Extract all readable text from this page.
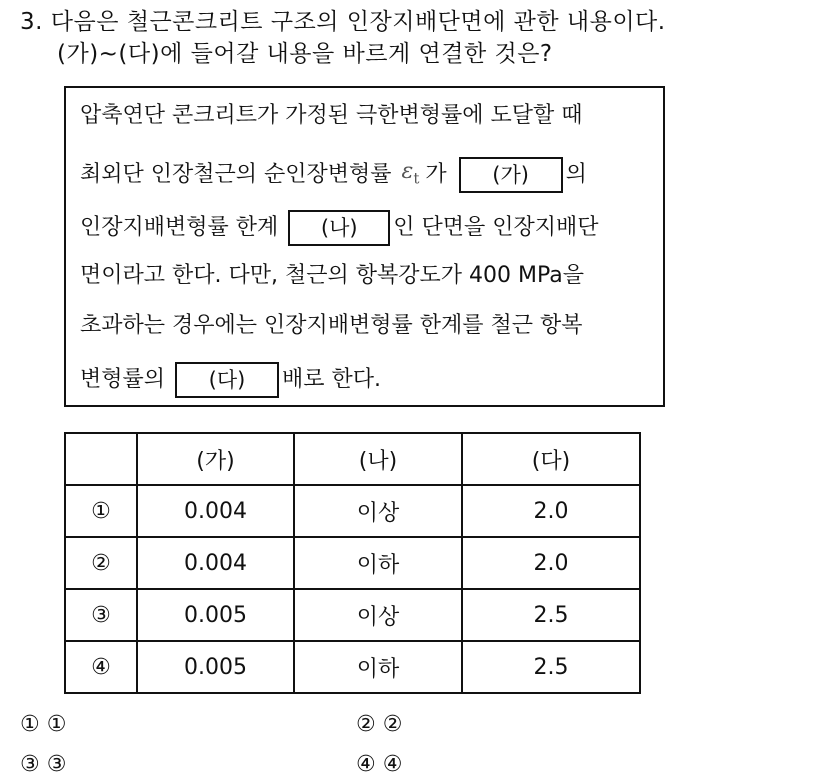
3. 다음은 철근콘크리트 구조의 인장지배단면에 관한 내용이다.
(가)~(다)에 들어갈 내용을 바르게 연결한 것은?
압축연단 콘크리트가 가정된 극한변형률에 도달할 때
최외단 인장철근의 순인장변형률 $\varepsilon_t$ 가	(가)	의
인장지배변형률 한계	(나)	인 단면을 인장지배단
면이라고 한다. 다만, 철근의 항복강도가 400 MPa을
초과하는 경우에는 인장지배변형률 한계를 철근 항복
변형률의	(다)	배로 한다.
	(가)	(나)	(다)
①	0.004	이상	2.0
②	0.004	이하	2.0
③	0.005	이상	2.5
④	0.005	이하	2.5
① ①	② ②
③ ③	④ ④
